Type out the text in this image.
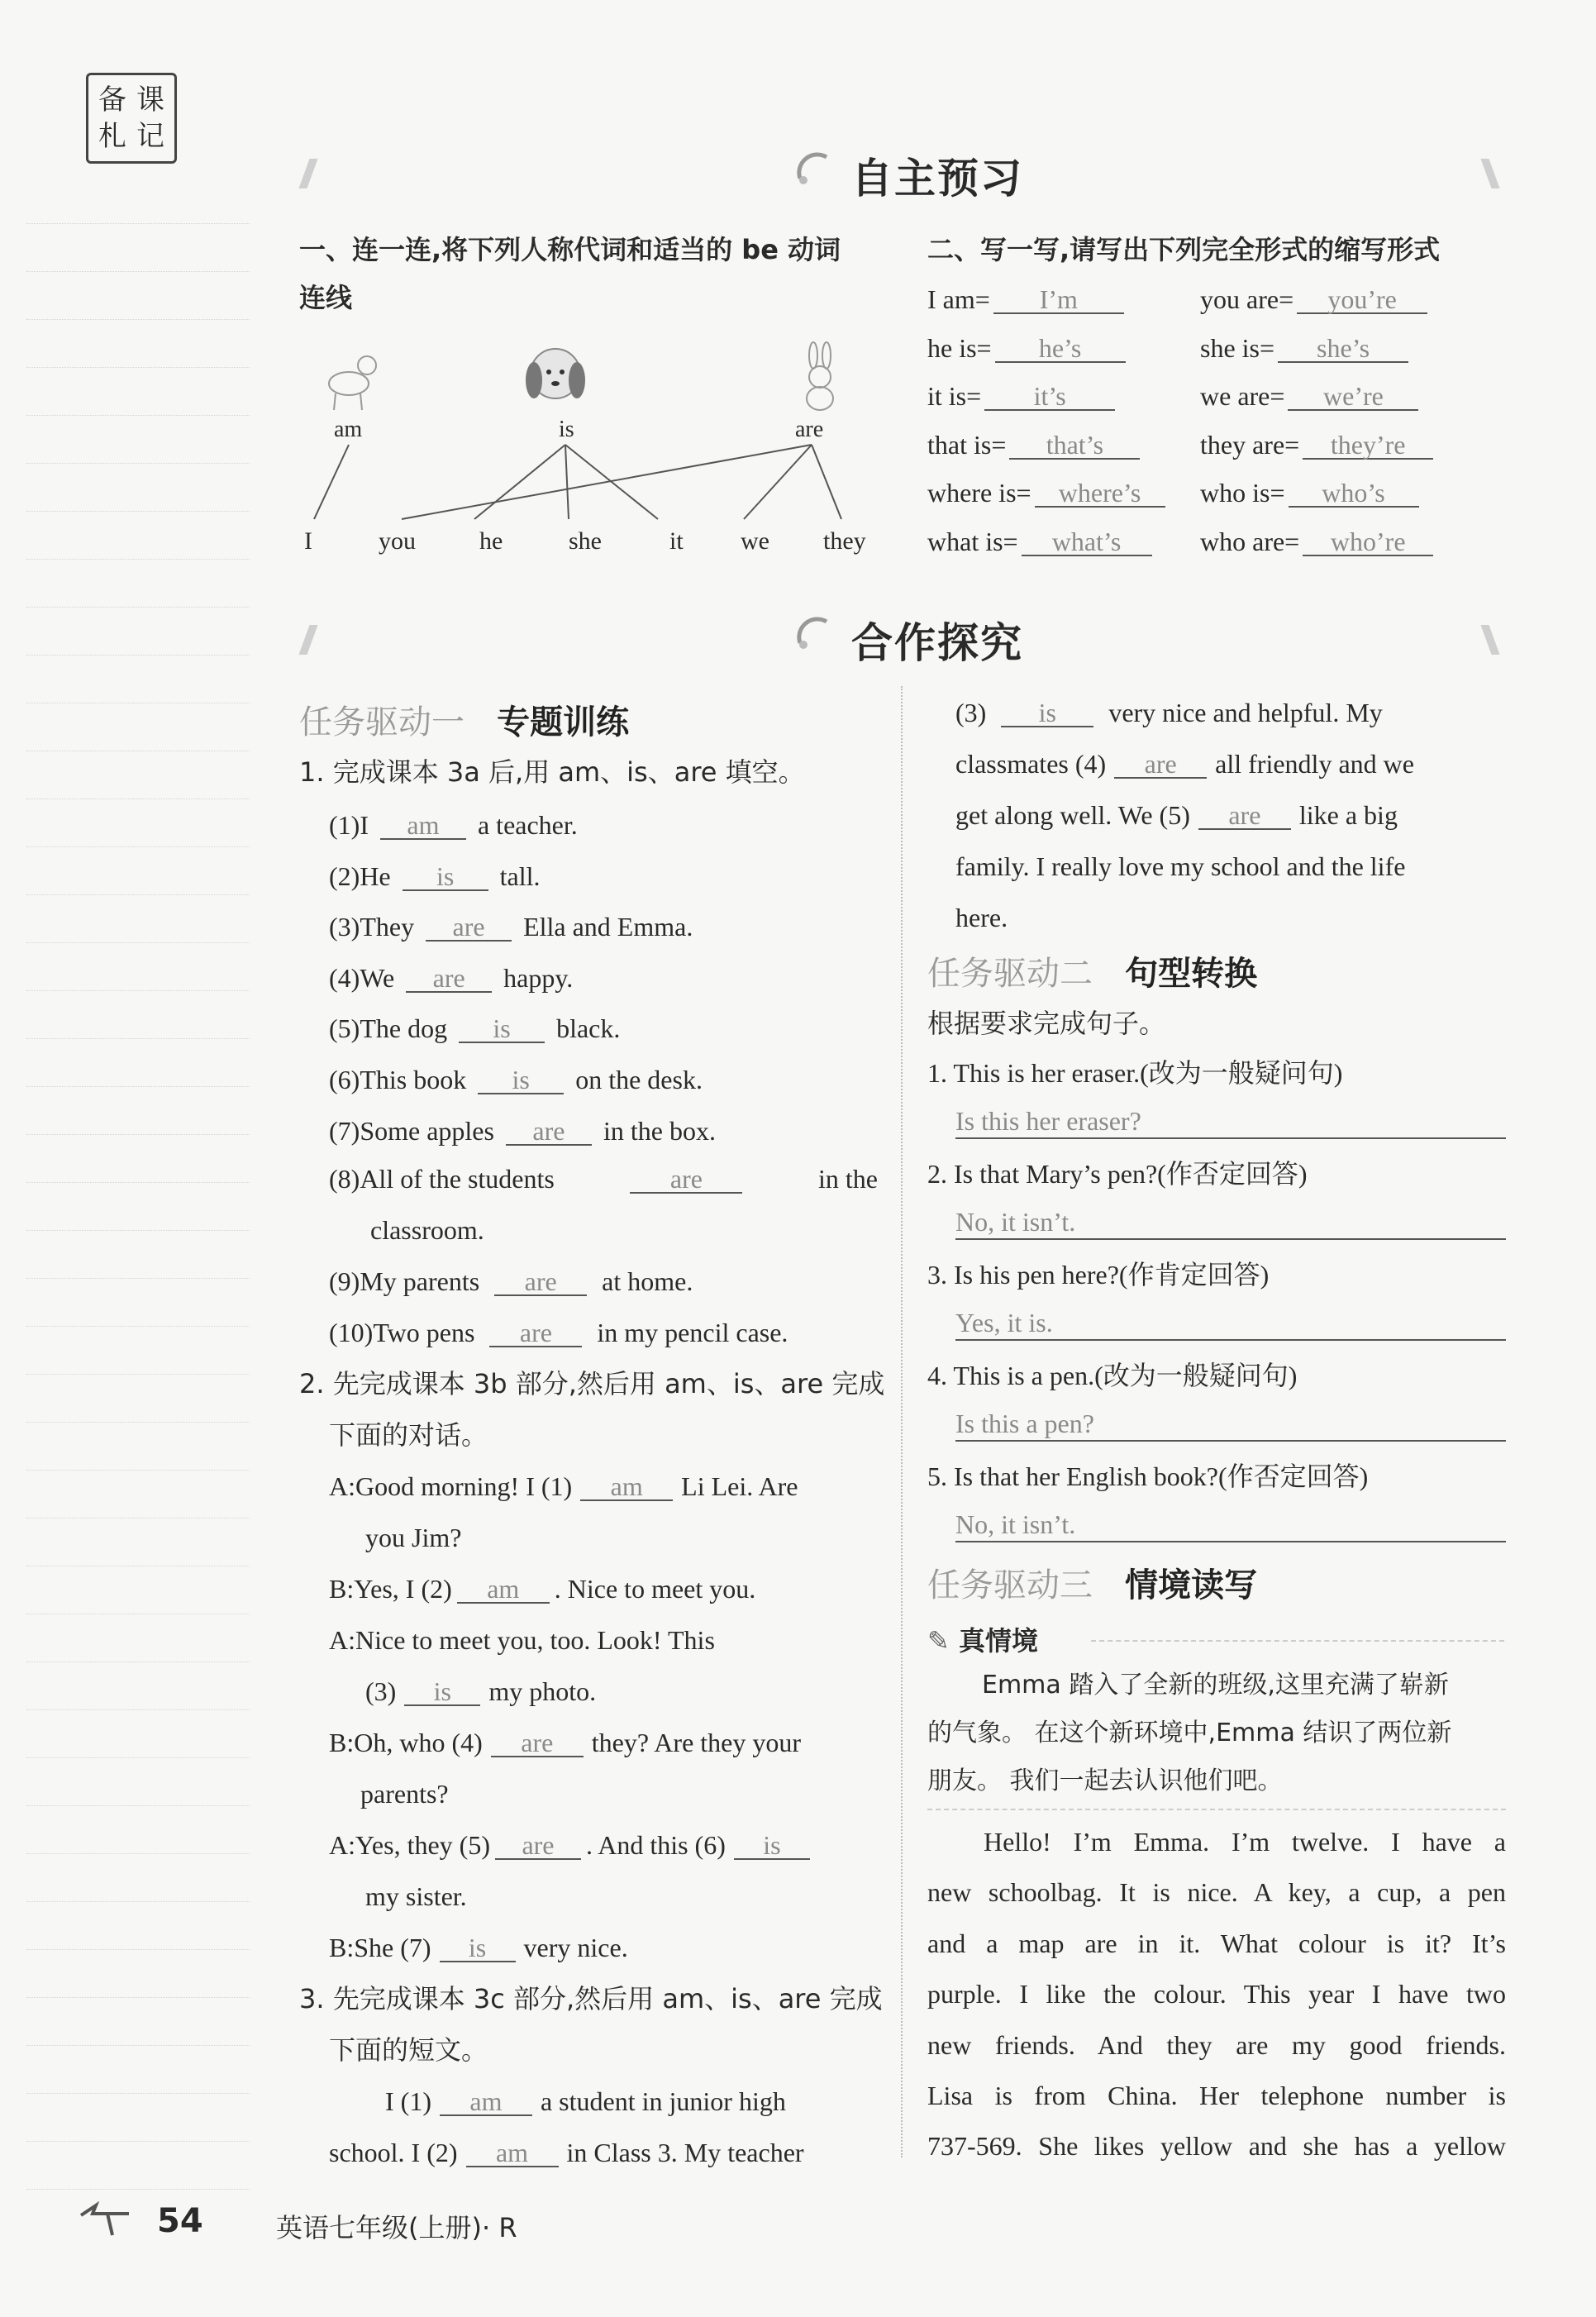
备 课
札 记
自主预习
一、连一连,将下列人称代词和适当的 be 动词
连线
am	is	are
I	you	he	she	it we they
二、写一写,请写出下列完全形式的缩写形式
I am= I’m
he is= he’s
it is= it’s
that is= that’s
where is= where’s
what is= what’s
you are= you’re
she is= she’s
we are= we’re
they are= they’re
who is= who’s
who are= who’re
合作探究
任务驱动一 专题训练
1. 完成课本 3a 后,用 am、is、are 填空。
(1)I am a teacher.
(2)He is tall.
(3)They are Ella and Emma.
(4)We are happy.
(5)The dog is black.
(6)This book is on the desk.
(7)Some apples are in the box.
(8)All of the students	are	in the
classroom.
(9)My parents are at home.
(10)Two pens are in my pencil case.
2. 先完成课本 3b 部分,然后用 am、is、are 完成
下面的对话。
A:Good morning! I (1) am Li Lei. Are
you Jim?
B:Yes, I (2) am . Nice to meet you.
A:Nice to meet you, too. Look! This
(3) is my photo.
B:Oh, who (4) are they? Are they your
parents?
A:Yes, they (5) are . And this (6) is
my sister.
B:She (7) is very nice.
3. 先完成课本 3c 部分,然后用 am、is、are 完成
下面的短文。
I (1) am a student in junior high
school. I (2) am in Class 3. My teacher
(3) is very nice and helpful. My
classmates (4) are all friendly and we
get along well. We (5) are like a big
family. I really love my school and the life
here.
任务驱动二 句型转换
根据要求完成句子。
1. This is her eraser.(改为一般疑问句)
Is this her eraser?
2. Is that Mary’s pen?(作否定回答)
No, it isn’t.
3. Is his pen here?(作肯定回答)
Yes, it is.
4. This is a pen.(改为一般疑问句)
Is this a pen?
5. Is that her English book?(作否定回答)
No, it isn’t.
任务驱动三 情境读写
✎ 真情境
Emma 踏入了全新的班级,这里充满了崭新
的气象。 在这个新环境中,Emma 结识了两位新
朋友。 我们一起去认识他们吧。
Hello! I’m Emma. I’m twelve. I have a
new schoolbag. It is nice. A key, a cup, a pen
and a map are in it. What colour is it? It’s
purple. I like the colour. This year I have two
new friends. And they are my good friends.
Lisa is from China. Her telephone number is
737-569. She likes yellow and she has a yellow
54	英语七年级(上册)· R
